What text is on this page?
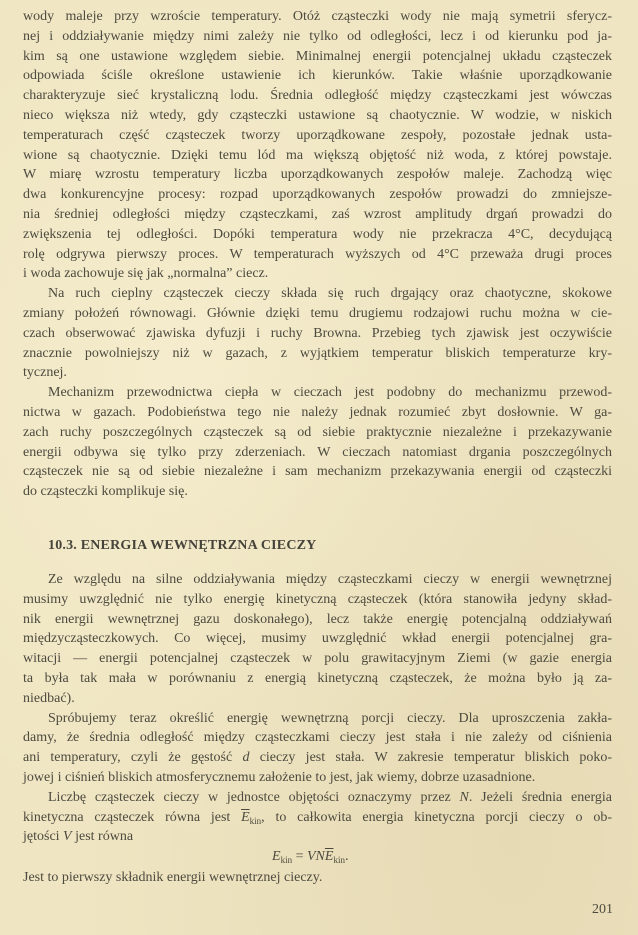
wody maleje przy wzroście temperatury. Otóż cząsteczki wody nie mają symetrii sferycz-
nej i oddziaływanie między nimi zależy nie tylko od odległości, lecz i od kierunku pod ja-
kim są one ustawione względem siebie. Minimalnej energii potencjalnej układu cząsteczek
odpowiada ściśle określone ustawienie ich kierunków. Takie właśnie uporządkowanie
charakteryzuje sieć krystaliczną lodu. Średnia odległość między cząsteczkami jest wówczas
nieco większa niż wtedy, gdy cząsteczki ustawione są chaotycznie. W wodzie, w niskich
temperaturach część cząsteczek tworzy uporządkowane zespoły, pozostałe jednak usta-
wione są chaotycznie. Dzięki temu lód ma większą objętość niż woda, z której powstaje.
W miarę wzrostu temperatury liczba uporządkowanych zespołów maleje. Zachodzą więc
dwa konkurencyjne procesy: rozpad uporządkowanych zespołów prowadzi do zmniejsze-
nia średniej odległości między cząsteczkami, zaś wzrost amplitudy drgań prowadzi do
zwiększenia tej odległości. Dopóki temperatura wody nie przekracza 4°C, decydującą
rolę odgrywa pierwszy proces. W temperaturach wyższych od 4°C przeważa drugi proces
i woda zachowuje się jak „normalna” ciecz.
Na ruch cieplny cząsteczek cieczy składa się ruch drgający oraz chaotyczne, skokowe
zmiany położeń równowagi. Głównie dzięki temu drugiemu rodzajowi ruchu można w cie-
czach obserwować zjawiska dyfuzji i ruchy Browna. Przebieg tych zjawisk jest oczywiście
znacznie powolniejszy niż w gazach, z wyjątkiem temperatur bliskich temperaturze kry-
tycznej.
Mechanizm przewodnictwa ciepła w cieczach jest podobny do mechanizmu przewod-
nictwa w gazach. Podobieństwa tego nie należy jednak rozumieć zbyt dosłownie. W ga-
zach ruchy poszczególnych cząsteczek są od siebie praktycznie niezależne i przekazywanie
energii odbywa się tylko przy zderzeniach. W cieczach natomiast drgania poszczególnych
cząsteczek nie są od siebie niezależne i sam mechanizm przekazywania energii od cząsteczki
do cząsteczki komplikuje się.
10.3. ENERGIA WEWNĘTRZNA CIECZY
Ze względu na silne oddziaływania między cząsteczkami cieczy w energii wewnętrznej
musimy uwzględnić nie tylko energię kinetyczną cząsteczek (która stanowiła jedyny skład-
nik energii wewnętrznej gazu doskonałego), lecz także energię potencjalną oddziaływań
międzycząsteczkowych. Co więcej, musimy uwzględnić wkład energii potencjalnej gra-
witacji — energii potencjalnej cząsteczek w polu grawitacyjnym Ziemi (w gazie energia
ta była tak mała w porównaniu z energią kinetyczną cząsteczek, że można było ją za-
niedbać).
Spróbujemy teraz określić energię wewnętrzną porcji cieczy. Dla uproszczenia zakła-
damy, że średnia odległość między cząsteczkami cieczy jest stała i nie zależy od ciśnienia
ani temperatury, czyli że gęstość d cieczy jest stała. W zakresie temperatur bliskich poko-
jowej i ciśnień bliskich atmosferycznemu założenie to jest, jak wiemy, dobrze uzasadnione.
Liczbę cząsteczek cieczy w jednostce objętości oznaczymy przez N. Jeżeli średnia energia
kinetyczna cząsteczek równa jest $\overline{E}_{kin}$, to całkowita energia kinetyczna porcji cieczy o ob-
jętości V jest równa
$E_{kin} = VN\overline{E}_{kin}$.
Jest to pierwszy składnik energii wewnętrznej cieczy.
201
